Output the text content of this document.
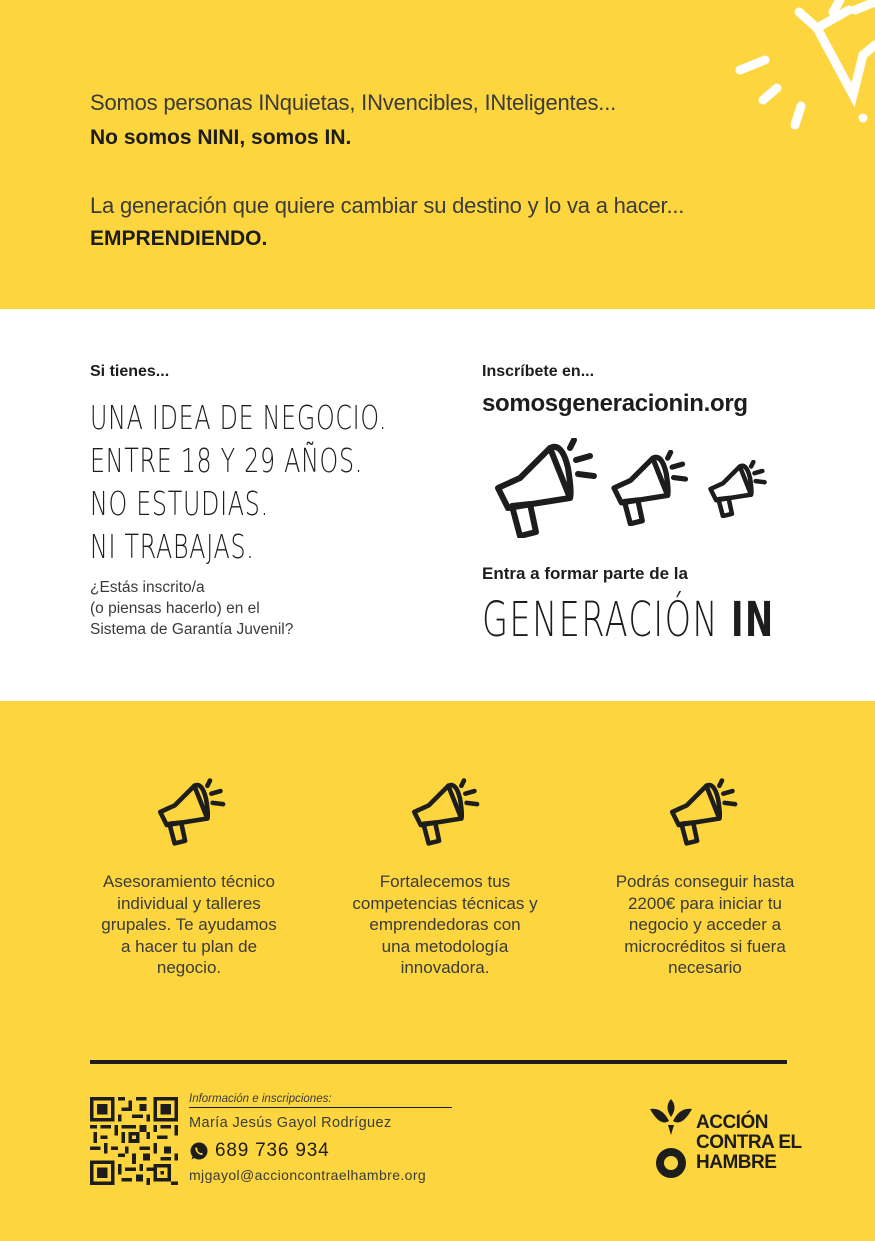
Somos personas INquietas, INvencibles, INteligentes...
No somos NINI, somos IN.
La generación que quiere cambiar su destino y lo va a hacer...
EMPRENDIENDO.
Si tienes...
UNA IDEA DE NEGOCIO.
ENTRE 18 Y 29 AÑOS.
NO ESTUDIAS.
NI TRABAJAS.
¿Estás inscrito/a
(o piensas hacerlo) en el
Sistema de Garantía Juvenil?
Inscríbete en...
somosgeneracionin.org
Entra a formar parte de la
GENERACIÓN IN
Asesoramiento técnico
individual y talleres
grupales. Te ayudamos
a hacer tu plan de
negocio.
Fortalecemos tus
competencias técnicas y
emprendedoras con
una metodología
innovadora.
Podrás conseguir hasta
2200€ para iniciar tu
negocio y acceder a
microcréditos si fuera
necesario
Información e inscripciones:
María Jesús Gayol Rodríguez
689 736 934
mjgayol@accioncontraelhambre.org
ACCIÓN
CONTRA EL
HAMBRE
